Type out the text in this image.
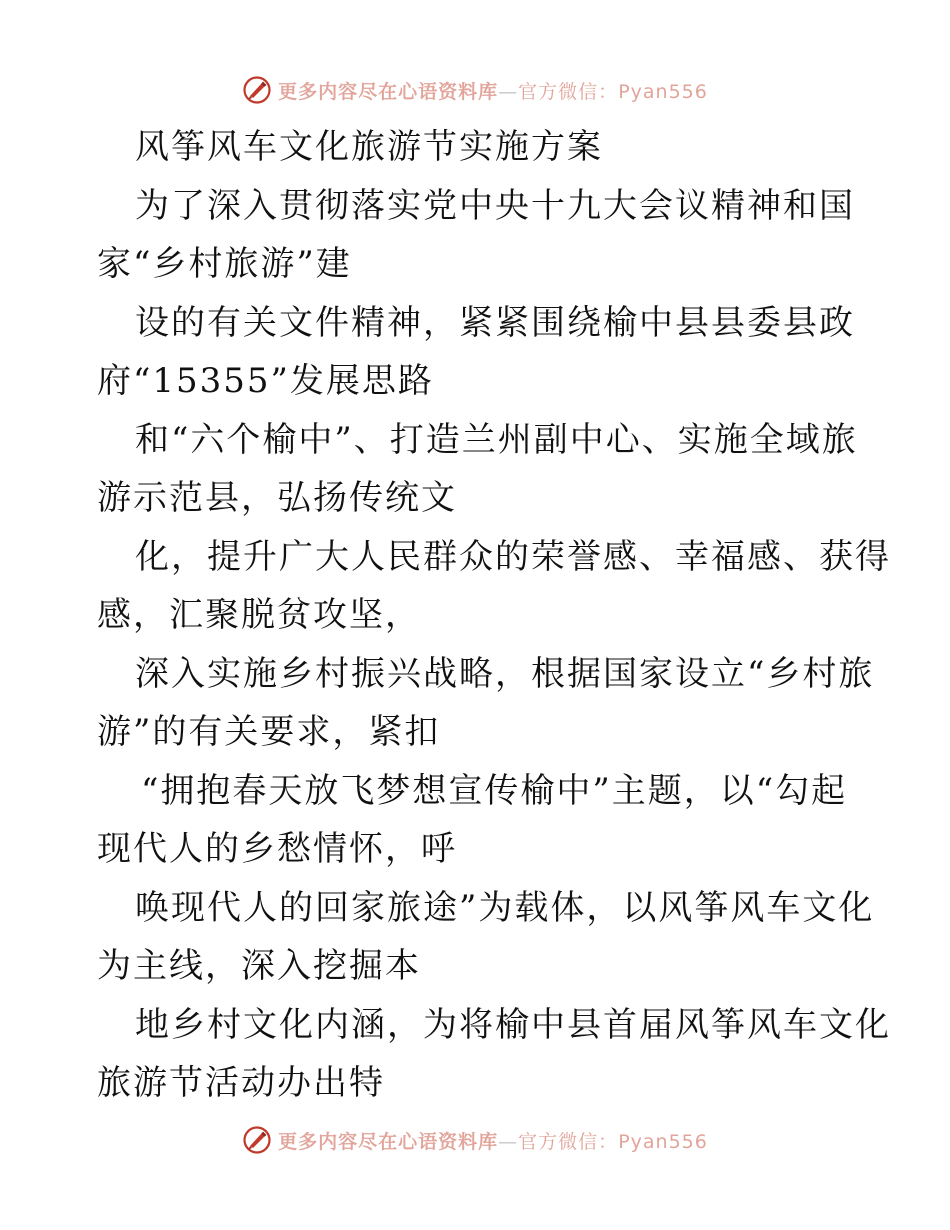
更多内容尽在心语资料库—官方微信：Pyan556
风筝风车文化旅游节实施方案
为了深入贯彻落实党中央十九大会议精神和国
家“乡村旅游”建
设的有关文件精神，紧紧围绕榆中县县委县政
府“15355”发展思路
和“六个榆中”、打造兰州副中心、实施全域旅
游示范县，弘扬传统文
化，提升广大人民群众的荣誉感、幸福感、获得
感，汇聚脱贫攻坚，
深入实施乡村振兴战略，根据国家设立“乡村旅
游”的有关要求，紧扣
“拥抱春天放飞梦想宣传榆中”主题，以“勾起
现代人的乡愁情怀，呼
唤现代人的回家旅途”为载体，以风筝风车文化
为主线，深入挖掘本
地乡村文化内涵，为将榆中县首届风筝风车文化
旅游节活动办出特
更多内容尽在心语资料库—官方微信：Pyan556
